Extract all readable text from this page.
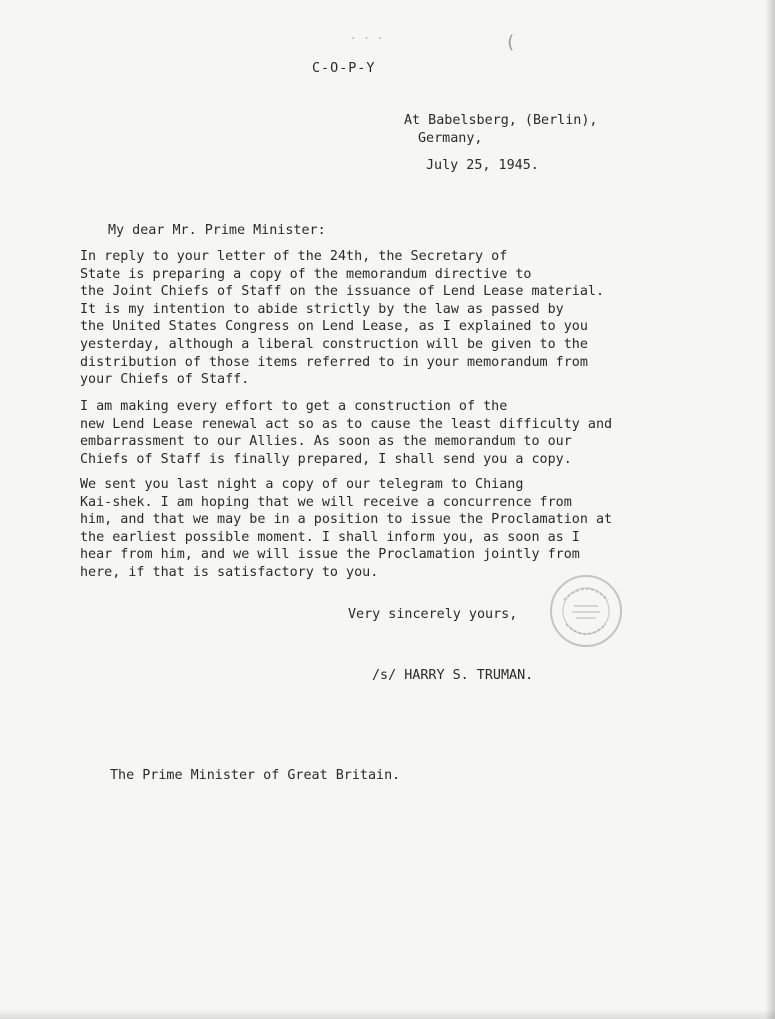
· · ·	(
C-O-P-Y
At Babelsberg, (Berlin),
Germany,
July 25, 1945.
My dear Mr. Prime Minister:
In reply to your letter of the 24th, the Secretary of
State is preparing a copy of the memorandum directive to
the Joint Chiefs of Staff on the issuance of Lend Lease material.
It is my intention to abide strictly by the law as passed by
the United States Congress on Lend Lease, as I explained to you
yesterday, although a liberal construction will be given to the
distribution of those items referred to in your memorandum from
your Chiefs of Staff.
I am making every effort to get a construction of the
new Lend Lease renewal act so as to cause the least difficulty and
embarrassment to our Allies. As soon as the memorandum to our
Chiefs of Staff is finally prepared, I shall send you a copy.
We sent you last night a copy of our telegram to Chiang
Kai-shek. I am hoping that we will receive a concurrence from
him, and that we may be in a position to issue the Proclamation at
the earliest possible moment. I shall inform you, as soon as I
hear from him, and we will issue the Proclamation jointly from
here, if that is satisfactory to you.
Very sincerely yours,
/s/ HARRY S. TRUMAN.
The Prime Minister of Great Britain.
